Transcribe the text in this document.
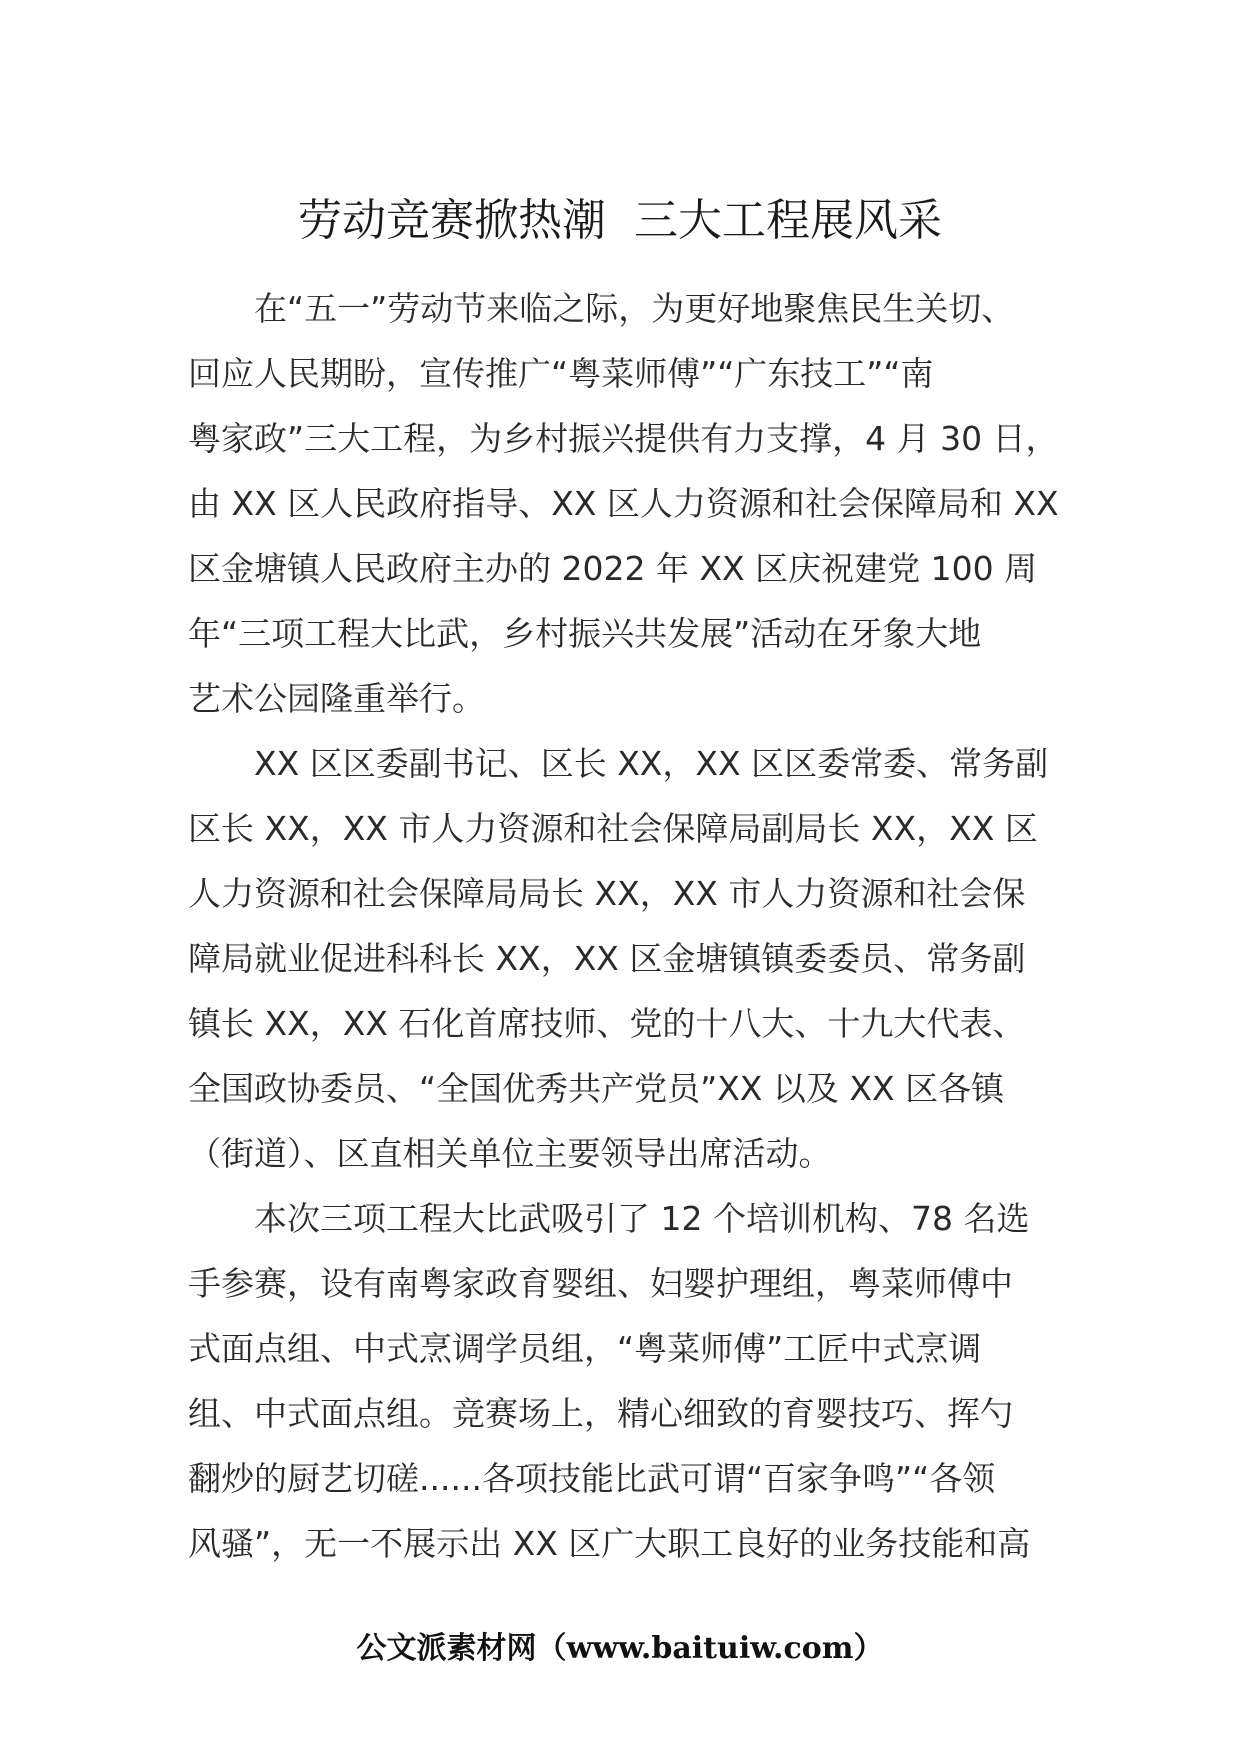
劳动竞赛掀热潮  三大工程展风采
在“五一”劳动节来临之际，为更好地聚焦民生关切、
回应人民期盼，宣传推广“粤菜师傅”“广东技工”“南
粤家政”三大工程，为乡村振兴提供有力支撑，4 月 30 日，
由 XX 区人民政府指导、XX 区人力资源和社会保障局和 XX
区金塘镇人民政府主办的 2022 年 XX 区庆祝建党 100 周
年“三项工程大比武，乡村振兴共发展”活动在牙象大地
艺术公园隆重举行。
XX 区区委副书记、区长 XX，XX 区区委常委、常务副
区长 XX，XX 市人力资源和社会保障局副局长 XX，XX 区
人力资源和社会保障局局长 XX，XX 市人力资源和社会保
障局就业促进科科长 XX，XX 区金塘镇镇委委员、常务副
镇长 XX，XX 石化首席技师、党的十八大、十九大代表、
全国政协委员、“全国优秀共产党员”XX 以及 XX 区各镇
（街道）、区直相关单位主要领导出席活动。
本次三项工程大比武吸引了 12 个培训机构、78 名选
手参赛，设有南粤家政育婴组、妇婴护理组，粤菜师傅中
式面点组、中式烹调学员组，“粤菜师傅”工匠中式烹调
组、中式面点组。竞赛场上，精心细致的育婴技巧、挥勺
翻炒的厨艺切磋......各项技能比武可谓“百家争鸣”“各领
风骚”，无一不展示出 XX 区广大职工良好的业务技能和高
公文派素材网（www.baituiw.com）
